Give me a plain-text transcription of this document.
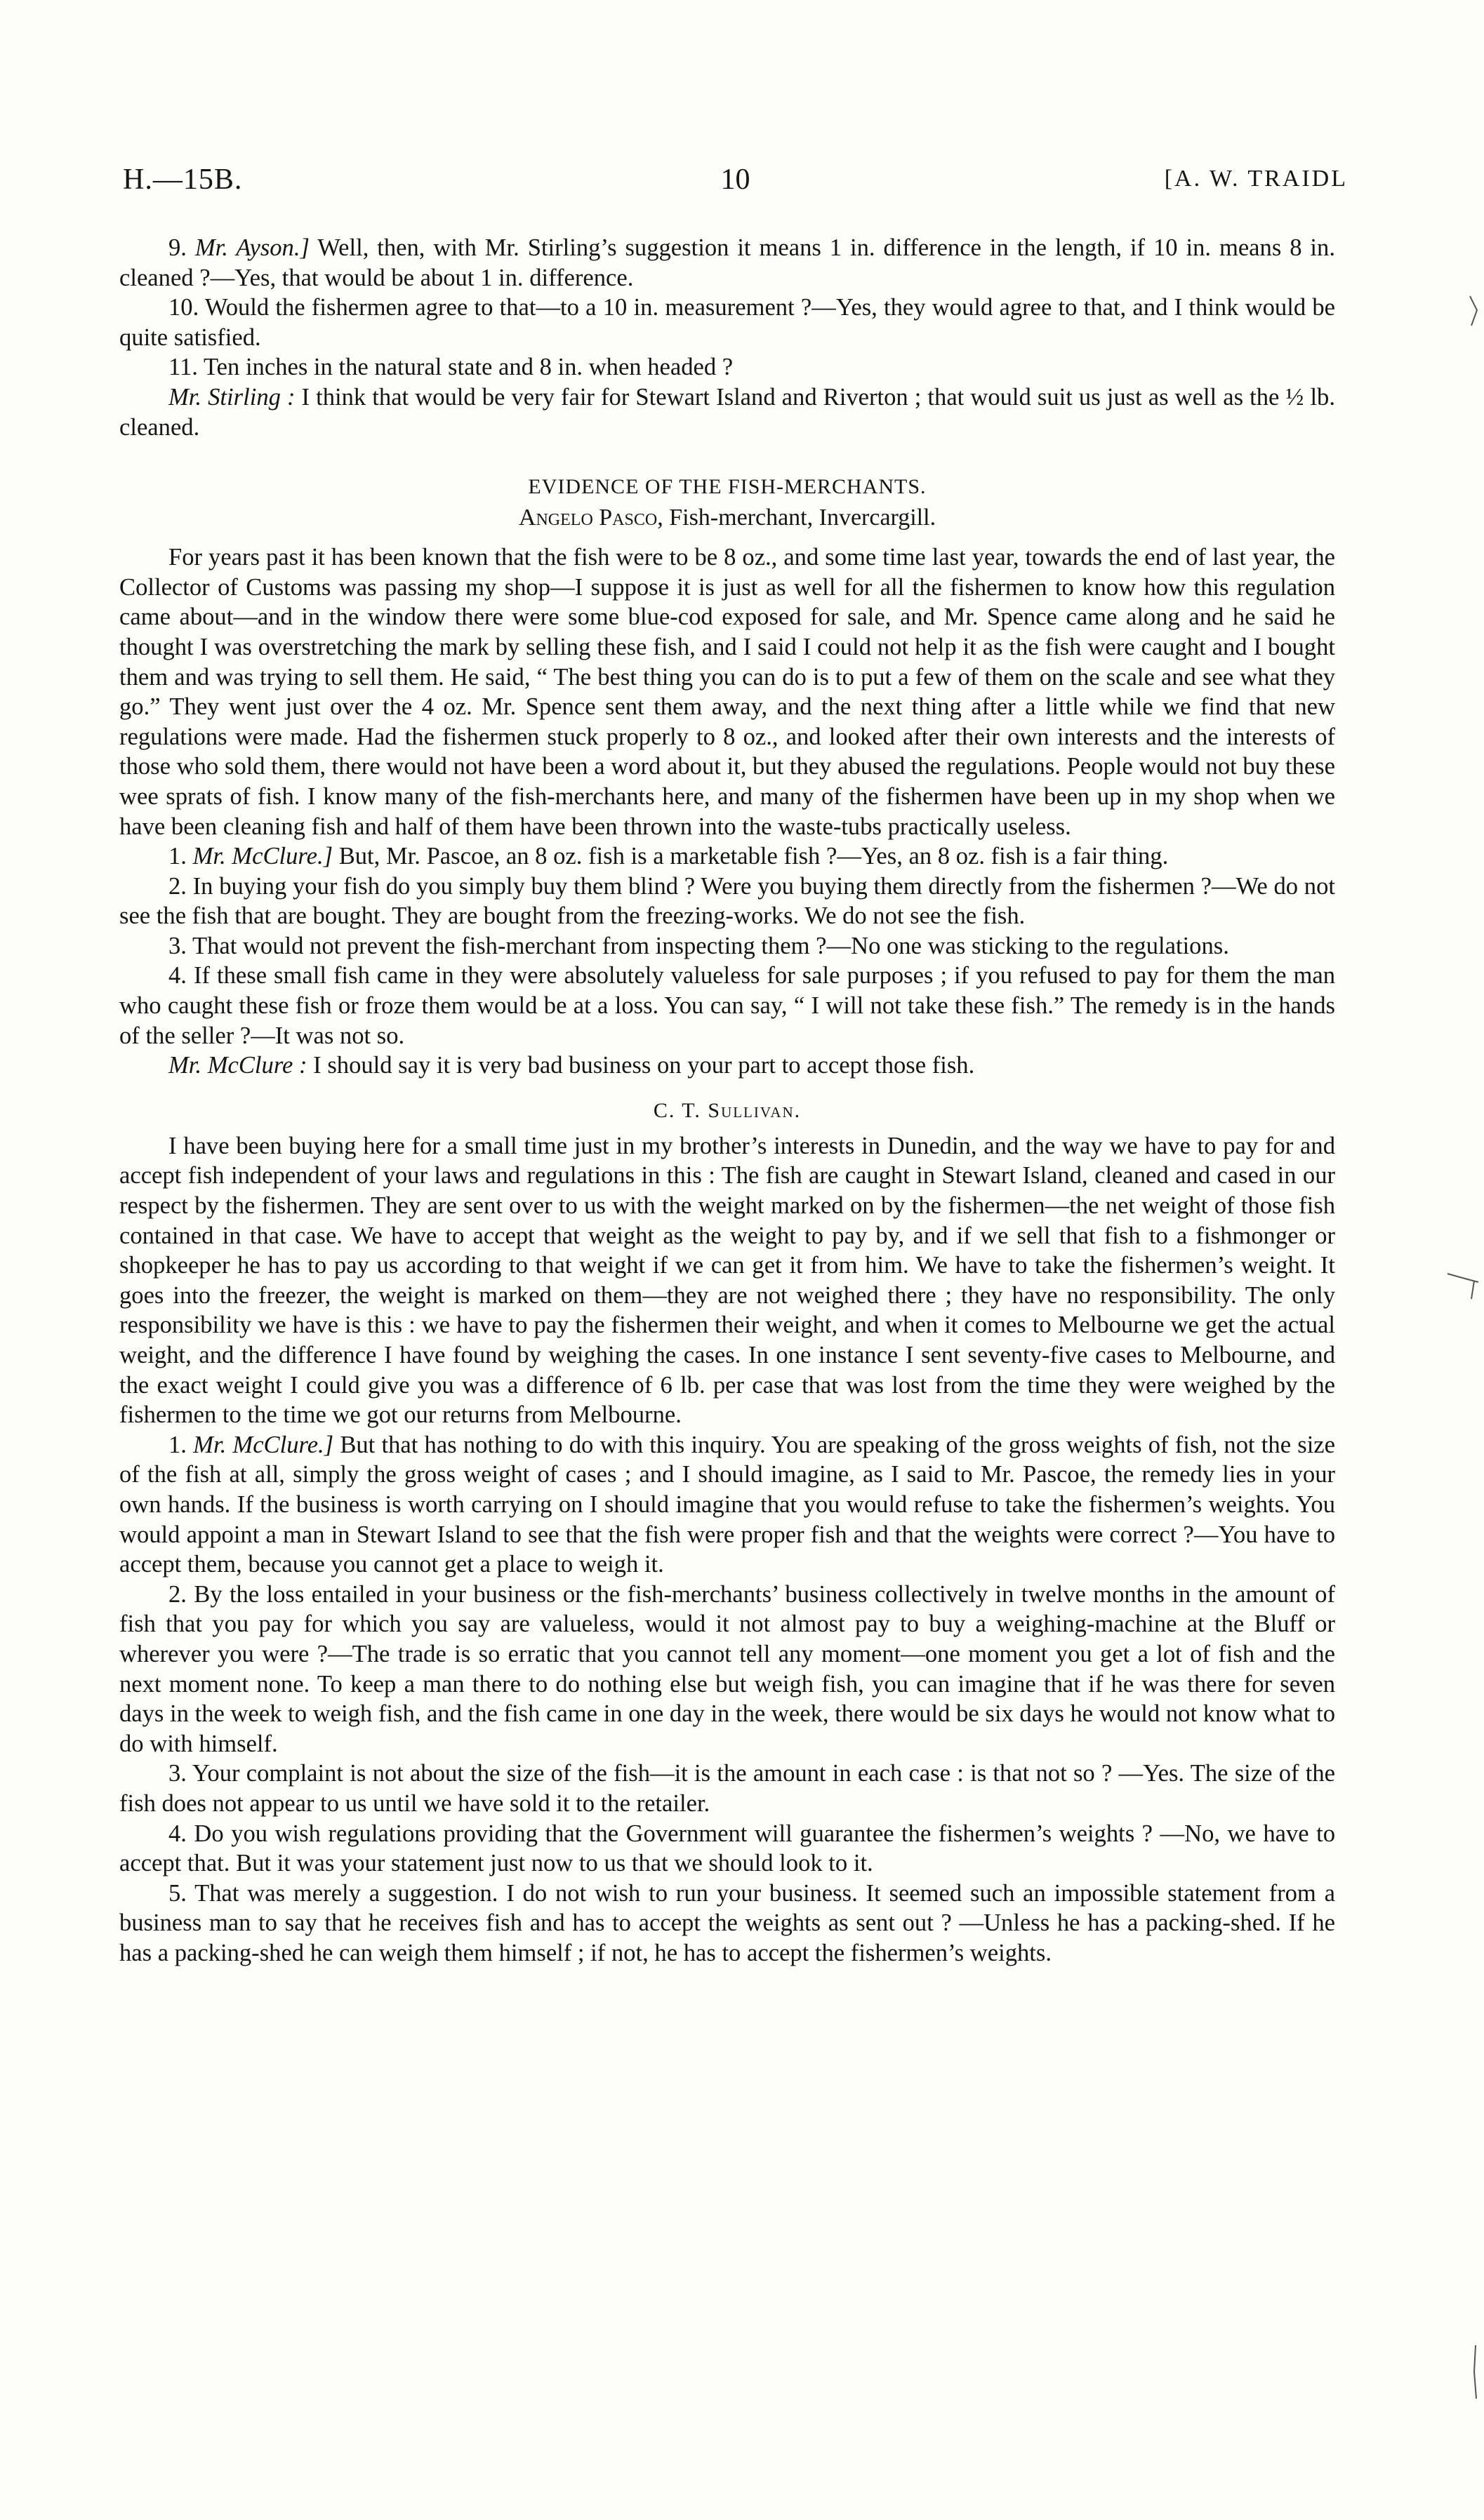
H.—15B.	10	[A. W. TRAIDL

9. Mr. Ayson.] Well, then, with Mr. Stirling’s suggestion it means 1 in. difference in the length, if 10 in. means 8 in. cleaned ?—Yes, that would be about 1 in. difference.

10. Would the fishermen agree to that—to a 10 in. measurement ?—Yes, they would agree to that, and I think would be quite satisfied.

11. Ten inches in the natural state and 8 in. when headed ?

Mr. Stirling : I think that would be very fair for Stewart Island and Riverton ; that would suit us just as well as the ½ lb. cleaned.

EVIDENCE OF THE FISH-MERCHANTS.

Angelo Pasco, Fish-merchant, Invercargill.

For years past it has been known that the fish were to be 8 oz., and some time last year, towards the end of last year, the Collector of Customs was passing my shop—I suppose it is just as well for all the fishermen to know how this regulation came about—and in the window there were some blue-cod exposed for sale, and Mr. Spence came along and he said he thought I was overstretching the mark by selling these fish, and I said I could not help it as the fish were caught and I bought them and was trying to sell them. He said, “ The best thing you can do is to put a few of them on the scale and see what they go.” They went just over the 4 oz. Mr. Spence sent them away, and the next thing after a little while we find that new regulations were made. Had the fishermen stuck properly to 8 oz., and looked after their own interests and the interests of those who sold them, there would not have been a word about it, but they abused the regulations. People would not buy these wee sprats of fish. I know many of the fish-merchants here, and many of the fishermen have been up in my shop when we have been cleaning fish and half of them have been thrown into the waste-tubs practically useless.

1. Mr. McClure.] But, Mr. Pascoe, an 8 oz. fish is a marketable fish ?—Yes, an 8 oz. fish is a fair thing.

2. In buying your fish do you simply buy them blind ? Were you buying them directly from the fishermen ?—We do not see the fish that are bought. They are bought from the freezing-works. We do not see the fish.

3. That would not prevent the fish-merchant from inspecting them ?—No one was sticking to the regulations.

4. If these small fish came in they were absolutely valueless for sale purposes ; if you refused to pay for them the man who caught these fish or froze them would be at a loss. You can say, “ I will not take these fish.” The remedy is in the hands of the seller ?—It was not so.

Mr. McClure : I should say it is very bad business on your part to accept those fish.

C. T. Sullivan.

I have been buying here for a small time just in my brother’s interests in Dunedin, and the way we have to pay for and accept fish independent of your laws and regulations in this : The fish are caught in Stewart Island, cleaned and cased in our respect by the fishermen. They are sent over to us with the weight marked on by the fishermen—the net weight of those fish contained in that case. We have to accept that weight as the weight to pay by, and if we sell that fish to a fishmonger or shopkeeper he has to pay us according to that weight if we can get it from him. We have to take the fishermen’s weight. It goes into the freezer, the weight is marked on them—they are not weighed there ; they have no responsibility. The only responsibility we have is this : we have to pay the fishermen their weight, and when it comes to Melbourne we get the actual weight, and the difference I have found by weighing the cases. In one instance I sent seventy-five cases to Melbourne, and the exact weight I could give you was a difference of 6 lb. per case that was lost from the time they were weighed by the fishermen to the time we got our returns from Melbourne.

1. Mr. McClure.] But that has nothing to do with this inquiry. You are speaking of the gross weights of fish, not the size of the fish at all, simply the gross weight of cases ; and I should imagine, as I said to Mr. Pascoe, the remedy lies in your own hands. If the business is worth carrying on I should imagine that you would refuse to take the fishermen’s weights. You would appoint a man in Stewart Island to see that the fish were proper fish and that the weights were correct ?—You have to accept them, because you cannot get a place to weigh it.

2. By the loss entailed in your business or the fish-merchants’ business collectively in twelve months in the amount of fish that you pay for which you say are valueless, would it not almost pay to buy a weighing-machine at the Bluff or wherever you were ?—The trade is so erratic that you cannot tell any moment—one moment you get a lot of fish and the next moment none. To keep a man there to do nothing else but weigh fish, you can imagine that if he was there for seven days in the week to weigh fish, and the fish came in one day in the week, there would be six days he would not know what to do with himself.

3. Your complaint is not about the size of the fish—it is the amount in each case : is that not so ? —Yes. The size of the fish does not appear to us until we have sold it to the retailer.

4. Do you wish regulations providing that the Government will guarantee the fishermen’s weights ? —No, we have to accept that. But it was your statement just now to us that we should look to it.

5. That was merely a suggestion. I do not wish to run your business. It seemed such an impossible statement from a business man to say that he receives fish and has to accept the weights as sent out ? —Unless he has a packing-shed. If he has a packing-shed he can weigh them himself ; if not, he has to accept the fishermen’s weights.
